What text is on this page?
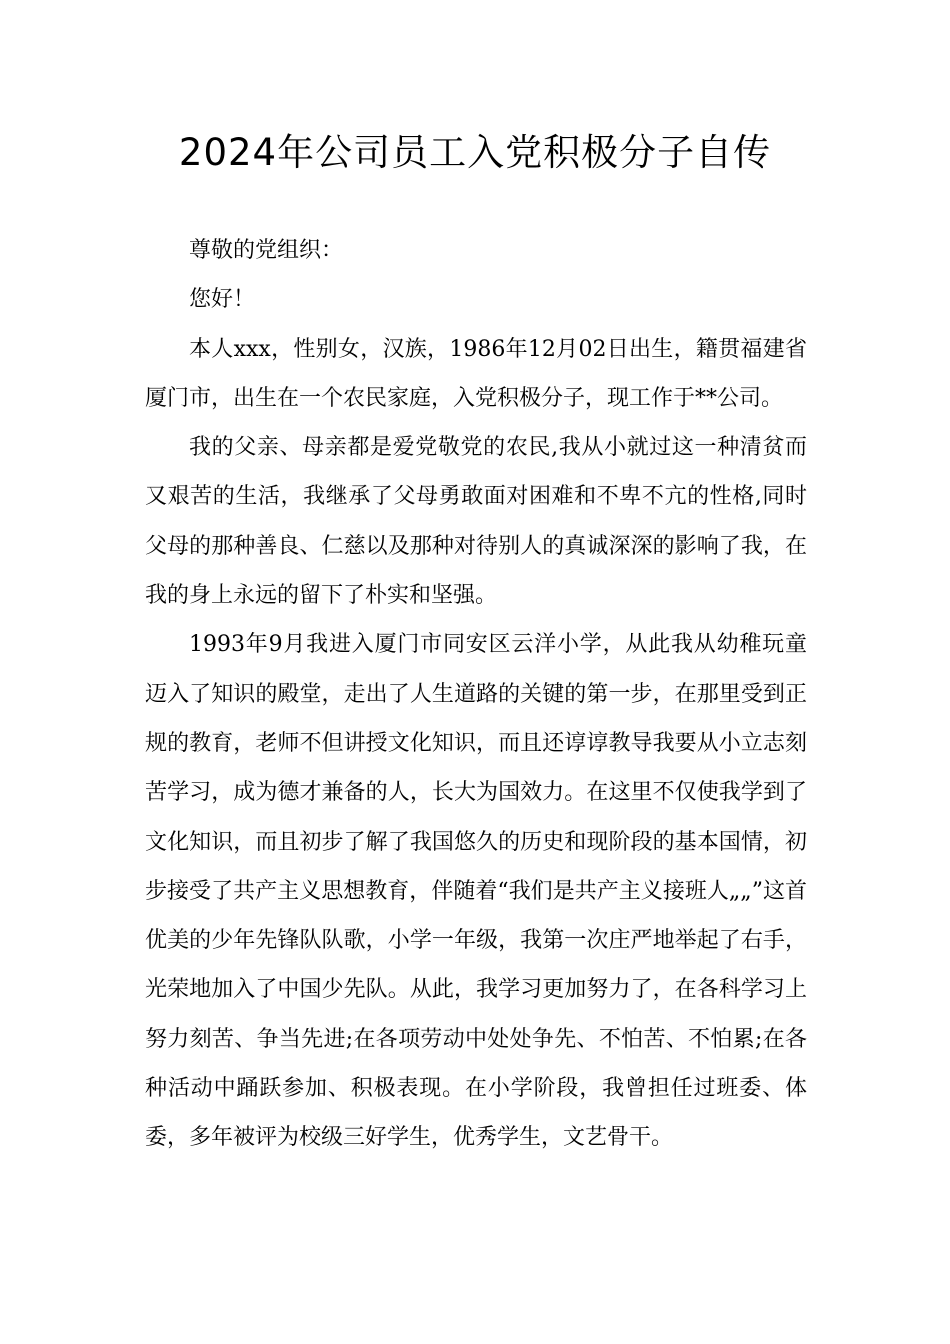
2024年公司员工入党积极分子自传

尊敬的党组织：

您好！

本人xxx，性别女，汉族，1986年12月02日出生，籍贯福建省厦门市，出生在一个农民家庭，入党积极分子，现工作于**公司。

我的父亲、母亲都是爱党敬党的农民,我从小就过这一种清贫而又艰苦的生活，我继承了父母勇敢面对困难和不卑不亢的性格,同时父母的那种善良、仁慈以及那种对待别人的真诚深深的影响了我，在我的身上永远的留下了朴实和坚强。

1993年9月我进入厦门市同安区云洋小学，从此我从幼稚玩童迈入了知识的殿堂，走出了人生道路的关键的第一步，在那里受到正规的教育，老师不但讲授文化知识，而且还谆谆教导我要从小立志刻苦学习，成为德才兼备的人，长大为国效力。在这里不仅使我学到了文化知识，而且初步了解了我国悠久的历史和现阶段的基本国情，初步接受了共产主义思想教育，伴随着“我们是共产主义接班人„„”这首优美的少年先锋队队歌，小学一年级，我第一次庄严地举起了右手，光荣地加入了中国少先队。从此，我学习更加努力了，在各科学习上努力刻苦、争当先进;在各项劳动中处处争先、不怕苦、不怕累;在各种活动中踊跃参加、积极表现。在小学阶段，我曾担任过班委、体委，多年被评为校级三好学生，优秀学生，文艺骨干。
